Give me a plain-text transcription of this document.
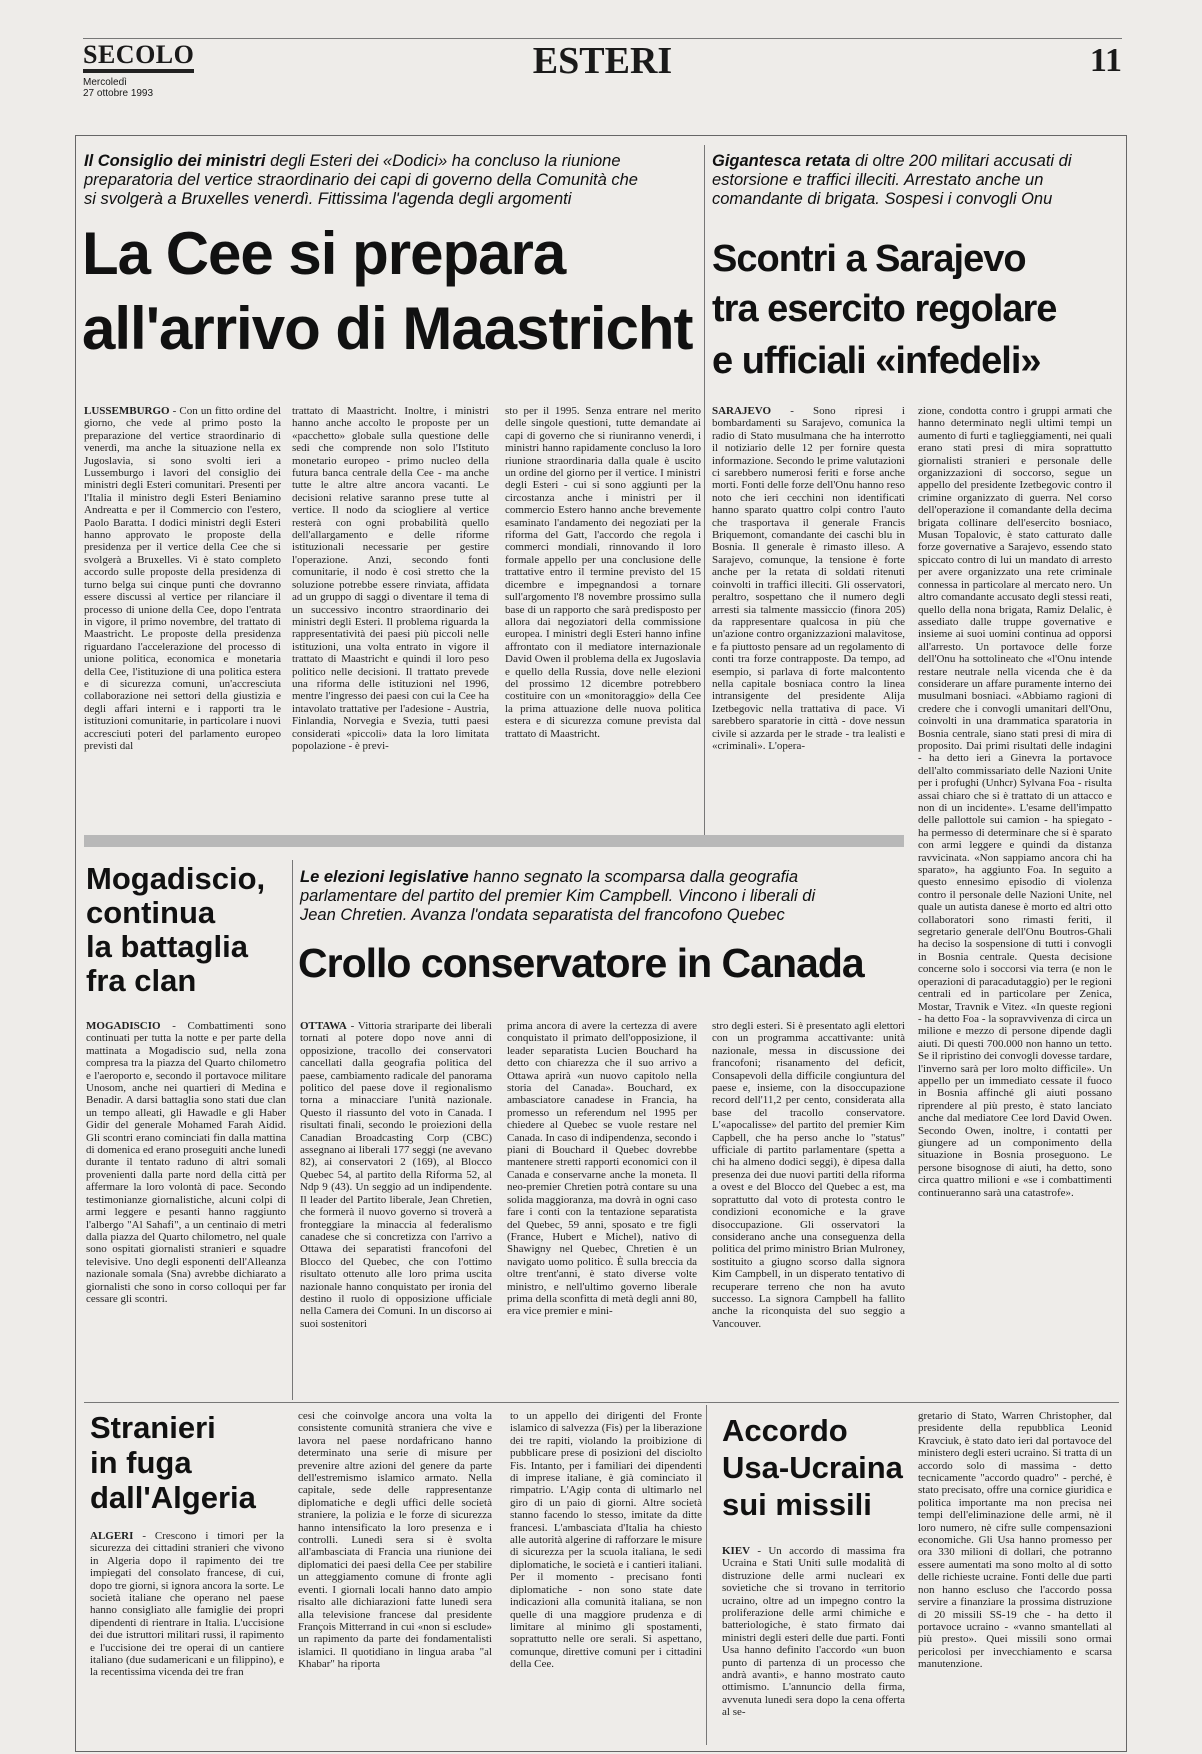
SECOLO
Mercoledì
27 ottobre 1993
ESTERI	11
Il Consiglio dei ministri degli Esteri dei «Dodici» ha concluso la riunione preparatoria del vertice straordinario dei capi di governo della Comunità che si svolgerà a Bruxelles venerdì. Fittissima l'agenda degli argomenti
La Cee si prepara
all'arrivo di Maastricht
LUSSEMBURGO - Con un fitto ordine del giorno, che vede al primo posto la preparazione del vertice straordinario di venerdì, ma anche la situazione nella ex Jugoslavia, si sono svolti ieri a Lussemburgo i lavori del consiglio dei ministri degli Esteri comunitari. Presenti per l'Italia il ministro degli Esteri Beniamino Andreatta e per il Commercio con l'estero, Paolo Baratta. I dodici ministri degli Esteri hanno approvato le proposte della presidenza per il vertice della Cee che si svolgerà a Bruxelles. Vi è stato completo accordo sulle proposte della presidenza di turno belga sui cinque punti che dovranno essere discussi al vertice per rilanciare il processo di unione della Cee, dopo l'entrata in vigore, il primo novembre, del trattato di Maastricht. Le proposte della presidenza riguardano l'accelerazione del processo di unione politica, economica e monetaria della Cee, l'istituzione di una politica estera e di sicurezza comuni, un'accresciuta collaborazione nei settori della giustizia e degli affari interni e i rapporti tra le istituzioni comunitarie, in particolare i nuovi accresciuti poteri del parlamento europeo previsti dal
trattato di Maastricht. Inoltre, i ministri hanno anche accolto le proposte per un «pacchetto» globale sulla questione delle sedi che comprende non solo l'Istituto monetario europeo - primo nucleo della futura banca centrale della Cee - ma anche tutte le altre altre ancora vacanti. Le decisioni relative saranno prese tutte al vertice. Il nodo da sciogliere al vertice resterà con ogni probabilità quello dell'allargamento e delle riforme istituzionali necessarie per gestire l'operazione. Anzi, secondo fonti comunitarie, il nodo è così stretto che la soluzione potrebbe essere rinviata, affidata ad un gruppo di saggi o diventare il tema di un successivo incontro straordinario dei ministri degli Esteri. Il problema riguarda la rappresentatività dei paesi più piccoli nelle istituzioni, una volta entrato in vigore il trattato di Maastricht e quindi il loro peso politico nelle decisioni. Il trattato prevede una riforma delle istituzioni nel 1996, mentre l'ingresso dei paesi con cui la Cee ha intavolato trattative per l'adesione - Austria, Finlandia, Norvegia e Svezia, tutti paesi considerati «piccoli» data la loro limitata popolazione - è previ-
sto per il 1995. Senza entrare nel merito delle singole questioni, tutte demandate ai capi di governo che si riuniranno venerdì, i ministri hanno rapidamente concluso la loro riunione straordinaria dalla quale è uscito un ordine del giorno per il vertice. I ministri degli Esteri - cui si sono aggiunti per la circostanza anche i ministri per il commercio Estero hanno anche brevemente esaminato l'andamento dei negoziati per la riforma del Gatt, l'accordo che regola i commerci mondiali, rinnovando il loro formale appello per una conclusione delle trattative entro il termine previsto del 15 dicembre e impegnandosi a tornare sull'argomento l'8 novembre prossimo sulla base di un rapporto che sarà predisposto per allora dai negoziatori della commissione europea. I ministri degli Esteri hanno infine affrontato con il mediatore internazionale David Owen il problema della ex Jugoslavia e quello della Russia, dove nelle elezioni del prossimo 12 dicembre potrebbero costituire con un «monitoraggio» della Cee la prima attuazione delle nuova politica estera e di sicurezza comune prevista dal trattato di Maastricht.
Gigantesca retata di oltre 200 militari accusati di estorsione e traffici illeciti. Arrestato anche un comandante di brigata. Sospesi i convogli Onu
Scontri a Sarajevo
tra esercito regolare
e ufficiali «infedeli»
SARAJEVO - Sono ripresi i bombardamenti su Sarajevo, comunica la radio di Stato musulmana che ha interrotto il notiziario delle 12 per fornire questa informazione. Secondo le prime valutazioni ci sarebbero numerosi feriti e forse anche morti. Fonti delle forze dell'Onu hanno reso noto che ieri cecchini non identificati hanno sparato quattro colpi contro l'auto che trasportava il generale Francis Briquemont, comandante dei caschi blu in Bosnia. Il generale è rimasto illeso. A Sarajevo, comunque, la tensione è forte anche per la retata di soldati ritenuti coinvolti in traffici illeciti. Gli osservatori, peraltro, sospettano che il numero degli arresti sia talmente massiccio (finora 205) da rappresentare qualcosa in più che un'azione contro organizzazioni malavitose, e fa piuttosto pensare ad un regolamento di conti tra forze contrapposte. Da tempo, ad esempio, si parlava di forte malcontento nella capitale bosniaca contro la linea intransigente del presidente Alija Izetbegovic nella trattativa di pace. Vi sarebbero sparatorie in città - dove nessun civile si azzarda per le strade - tra lealisti e «criminali». L'opera-
zione, condotta contro i gruppi armati che hanno determinato negli ultimi tempi un aumento di furti e taglieggiamenti, nei quali erano stati presi di mira soprattutto giornalisti stranieri e personale delle organizzazioni di soccorso, segue un appello del presidente Izetbegovic contro il crimine organizzato di guerra. Nel corso dell'operazione il comandante della decima brigata collinare dell'esercito bosniaco, Musan Topalovic, è stato catturato dalle forze governative a Sarajevo, essendo stato spiccato contro di lui un mandato di arresto per avere organizzato una rete criminale connessa in particolare al mercato nero. Un altro comandante accusato degli stessi reati, quello della nona brigata, Ramiz Delalic, è assediato dalle truppe governative e insieme ai suoi uomini continua ad opporsi all'arresto. Un portavoce delle forze dell'Onu ha sottolineato che «l'Onu intende restare neutrale nella vicenda che è da considerare un affare puramente interno dei musulmani bosniaci. «Abbiamo ragioni di credere che i convogli umanitari dell'Onu, coinvolti in una drammatica sparatoria in Bosnia centrale, siano stati presi di mira di proposito. Dai primi risultati delle indagini - ha detto ieri a Ginevra la portavoce dell'alto commissariato delle Nazioni Unite per i profughi (Unhcr) Sylvana Foa - risulta assai chiaro che si è trattato di un attacco e non di un incidente». L'esame dell'impatto delle pallottole sui camion - ha spiegato - ha permesso di determinare che si è sparato con armi leggere e quindi da distanza ravvicinata. «Non sappiamo ancora chi ha sparato», ha aggiunto Foa. In seguito a questo ennesimo episodio di violenza contro il personale delle Nazioni Unite, nel quale un autista danese è morto ed altri otto collaboratori sono rimasti feriti, il segretario generale dell'Onu Boutros-Ghali ha deciso la sospensione di tutti i convogli in Bosnia centrale. Questa decisione concerne solo i soccorsi via terra (e non le operazioni di paracadutaggio) per le regioni centrali ed in particolare per Zenica, Mostar, Travnik e Vitez. «In queste regioni - ha detto Foa - la sopravvivenza di circa un milione e mezzo di persone dipende dagli aiuti. Di questi 700.000 non hanno un tetto. Se il ripristino dei convogli dovesse tardare, l'inverno sarà per loro molto difficile». Un appello per un immediato cessate il fuoco in Bosnia affinché gli aiuti possano riprendere al più presto, è stato lanciato anche dal mediatore Cee lord David Owen. Secondo Owen, inoltre, i contatti per giungere ad un componimento della situazione in Bosnia proseguono. Le persone bisognose di aiuti, ha detto, sono circa quattro milioni e «se i combattimenti continueranno sarà una catastrofe».
Mogadiscio,
continua
la battaglia
fra clan
MOGADISCIO - Combattimenti sono continuati per tutta la notte e per parte della mattinata a Mogadiscio sud, nella zona compresa tra la piazza del Quarto chilometro e l'aeroporto e, secondo il portavoce militare Unosom, anche nei quartieri di Medina e Benadir. A darsi battaglia sono stati due clan un tempo alleati, gli Hawadle e gli Haber Gidir del generale Mohamed Farah Aidid. Gli scontri erano cominciati fin dalla mattina di domenica ed erano proseguiti anche lunedì durante il tentato raduno di altri somali provenienti dalla parte nord della città per affermare la loro volontà di pace. Secondo testimonianze giornalistiche, alcuni colpi di armi leggere e pesanti hanno raggiunto l'albergo "Al Sahafi", a un centinaio di metri dalla piazza del Quarto chilometro, nel quale sono ospitati giornalisti stranieri e squadre televisive. Uno degli esponenti dell'Alleanza nazionale somala (Sna) avrebbe dichiarato a giornalisti che sono in corso colloqui per far cessare gli scontri.
Le elezioni legislative hanno segnato la scomparsa dalla geografia parlamentare del partito del premier Kim Campbell. Vincono i liberali di Jean Chretien. Avanza l'ondata separatista del francofono Quebec
Crollo conservatore in Canada
OTTAWA - Vittoria strariparte dei liberali tornati al potere dopo nove anni di opposizione, tracollo dei conservatori cancellati dalla geografia politica del paese, cambiamento radicale del panorama politico del paese dove il regionalismo torna a minacciare l'unità nazionale. Questo il riassunto del voto in Canada. I risultati finali, secondo le proiezioni della Canadian Broadcasting Corp (CBC) assegnano ai liberali 177 seggi (ne avevano 82), ai conservatori 2 (169), al Blocco Quebec 54, al partito della Riforma 52, al Ndp 9 (43). Un seggio ad un indipendente. Il leader del Partito liberale, Jean Chretien, che formerà il nuovo governo si troverà a fronteggiare la minaccia al federalismo canadese che si concretizza con l'arrivo a Ottawa dei separatisti francofoni del Blocco del Quebec, che con l'ottimo risultato ottenuto alle loro prima uscita nazionale hanno conquistato per ironia del destino il ruolo di opposizione ufficiale nella Camera dei Comuni. In un discorso ai suoi sostenitori
prima ancora di avere la certezza di avere conquistato il primato dell'opposizione, il leader separatista Lucien Bouchard ha detto con chiarezza che il suo arrivo a Ottawa aprirà «un nuovo capitolo nella storia del Canada». Bouchard, ex ambasciatore canadese in Francia, ha promesso un referendum nel 1995 per chiedere al Quebec se vuole restare nel Canada. In caso di indipendenza, secondo i piani di Bouchard il Quebec dovrebbe mantenere stretti rapporti economici con il Canada e conservarne anche la moneta. Il neo-premier Chretien potrà contare su una solida maggioranza, ma dovrà in ogni caso fare i conti con la tentazione separatista del Quebec, 59 anni, sposato e tre figli (France, Hubert e Michel), nativo di Shawigny nel Quebec, Chretien è un navigato uomo politico. È sulla breccia da oltre trent'anni, è stato diverse volte ministro, e nell'ultimo governo liberale prima della sconfitta di metà degli anni 80, era vice premier e mini-
stro degli esteri. Si è presentato agli elettori con un programma accattivante: unità nazionale, messa in discussione dei francofoni; risanamento del deficit, Consapevoli della difficile congiuntura del paese e, insieme, con la disoccupazione record dell'11,2 per cento, considerata alla base del tracollo conservatore. L'«apocalisse» del partito del premier Kim Capbell, che ha perso anche lo "status" ufficiale di partito parlamentare (spetta a chi ha almeno dodici seggi), è dipesa dalla presenza dei due nuovi partiti della riforma a ovest e del Blocco del Quebec a est, ma soprattutto dal voto di protesta contro le condizioni economiche e la grave disoccupazione. Gli osservatori la considerano anche una conseguenza della politica del primo ministro Brian Mulroney, sostituito a giugno scorso dalla signora Kim Campbell, in un disperato tentativo di recuperare terreno che non ha avuto successo. La signora Campbell ha fallito anche la riconquista del suo seggio a Vancouver.
Stranieri
in fuga
dall'Algeria
ALGERI - Crescono i timori per la sicurezza dei cittadini stranieri che vivono in Algeria dopo il rapimento dei tre impiegati del consolato francese, di cui, dopo tre giorni, si ignora ancora la sorte. Le società italiane che operano nel paese hanno consigliato alle famiglie dei propri dipendenti di rientrare in Italia. L'uccisione dei due istruttori militari russi, il rapimento e l'uccisione dei tre operai di un cantiere italiano (due sudamericani e un filippino), e la recentissima vicenda dei tre fran
cesi che coinvolge ancora una volta la consistente comunità straniera che vive e lavora nel paese nordafricano hanno determinato una serie di misure per prevenire altre azioni del genere da parte dell'estremismo islamico armato. Nella capitale, sede delle rappresentanze diplomatiche e degli uffici delle società straniere, la polizia e le forze di sicurezza hanno intensificato la loro presenza e i controlli. Lunedì sera si è svolta all'ambasciata di Francia una riunione dei diplomatici dei paesi della Cee per stabilire un atteggiamento comune di fronte agli eventi. I giornali locali hanno dato ampio risalto alle dichiarazioni fatte lunedì sera alla televisione francese dal presidente François Mitterrand in cui «non si esclude» un rapimento da parte dei fondamentalisti islamici. Il quotidiano in lingua araba "al Khabar" ha riporta
to un appello dei dirigenti del Fronte islamico di salvezza (Fis) per la liberazione dei tre rapiti, violando la proibizione di pubblicare prese di posizioni del disciolto Fis. Intanto, per i familiari dei dipendenti di imprese italiane, è già cominciato il rimpatrio. L'Agip conta di ultimarlo nel giro di un paio di giorni. Altre società stanno facendo lo stesso, imitate da ditte francesi. L'ambasciata d'Italia ha chiesto alle autorità algerine di rafforzare le misure di sicurezza per la scuola italiana, le sedi diplomatiche, le società e i cantieri italiani. Per il momento - precisano fonti diplomatiche - non sono state date indicazioni alla comunità italiana, se non quelle di una maggiore prudenza e di limitare al minimo gli spostamenti, soprattutto nelle ore serali. Si aspettano, comunque, direttive comuni per i cittadini della Cee.
Accordo
Usa-Ucraina
sui missili
KIEV - Un accordo di massima fra Ucraina e Stati Uniti sulle modalità di distruzione delle armi nucleari ex sovietiche che si trovano in territorio ucraino, oltre ad un impegno contro la proliferazione delle armi chimiche e batteriologiche, è stato firmato dai ministri degli esteri delle due parti. Fonti Usa hanno definito l'accordo «un buon punto di partenza di un processo che andrà avanti», e hanno mostrato cauto ottimismo. L'annuncio della firma, avvenuta lunedì sera dopo la cena offerta al se-
gretario di Stato, Warren Christopher, dal presidente della repubblica Leonid Kravciuk, è stato dato ieri dal portavoce del ministero degli esteri ucraino. Si tratta di un accordo solo di massima - detto tecnicamente "accordo quadro" - perché, è stato precisato, offre una cornice giuridica e politica importante ma non precisa nei tempi dell'eliminazione delle armi, nè il loro numero, nè cifre sulle compensazioni economiche. Gli Usa hanno promesso per ora 330 milioni di dollari, che potranno essere aumentati ma sono molto al di sotto delle richieste ucraine. Fonti delle due parti non hanno escluso che l'accordo possa servire a finanziare la prossima distruzione di 20 missili SS-19 che - ha detto il portavoce ucraino - «vanno smantellati al più presto». Quei missili sono ormai pericolosi per invecchiamento e scarsa manutenzione.
